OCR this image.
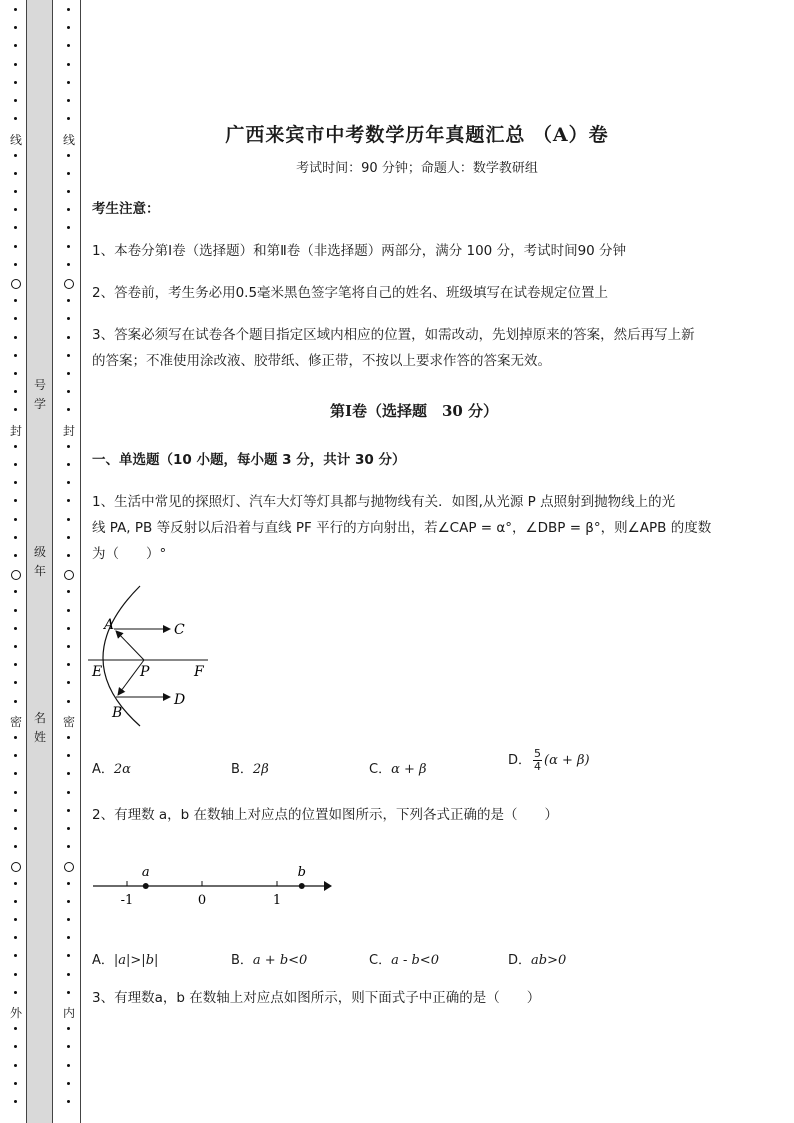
线
封
密
外
线
封
密
内
号
学
级
年
名
姓
广西来宾市中考数学历年真题汇总 （A）卷
考试时间：90 分钟；命题人：数学教研组
考生注意：
1、本卷分第Ⅰ卷（选择题）和第Ⅱ卷（非选择题）两部分，满分 100 分，考试时间90 分钟
2、答卷前，考生务必用0.5毫米黑色签字笔将自己的姓名、班级填写在试卷规定位置上
3、答案必须写在试卷各个题目指定区域内相应的位置，如需改动，先划掉原来的答案，然后再写上新
的答案；不准使用涂改液、胶带纸、修正带，不按以上要求作答的答案无效。
第Ⅰ卷（选择题　30 分）
一、单选题（10 小题，每小题 3 分，共计 30 分）
1、生活中常见的探照灯、汽车大灯等灯具都与抛物线有关．如图,从光源 P 点照射到抛物线上的光
线 PA, PB 等反射以后沿着与直线 PF 平行的方向射出，若∠CAP = α°，∠DBP = β°，则∠APB 的度数
为（　　）°
A	C
E	P	F
B
D
A．2α	B．2β	C．α + β
D． $\frac{5}{4} (\alpha + \beta)$
2、有理数 a，b 在数轴上对应点的位置如图所示，下列各式正确的是（　　）
-1	0	1
a	b
A．|a|>|b|	B．a + b<0	C．a - b<0	D．ab>0
3、有理数a，b 在数轴上对应点如图所示，则下面式子中正确的是（　　）
